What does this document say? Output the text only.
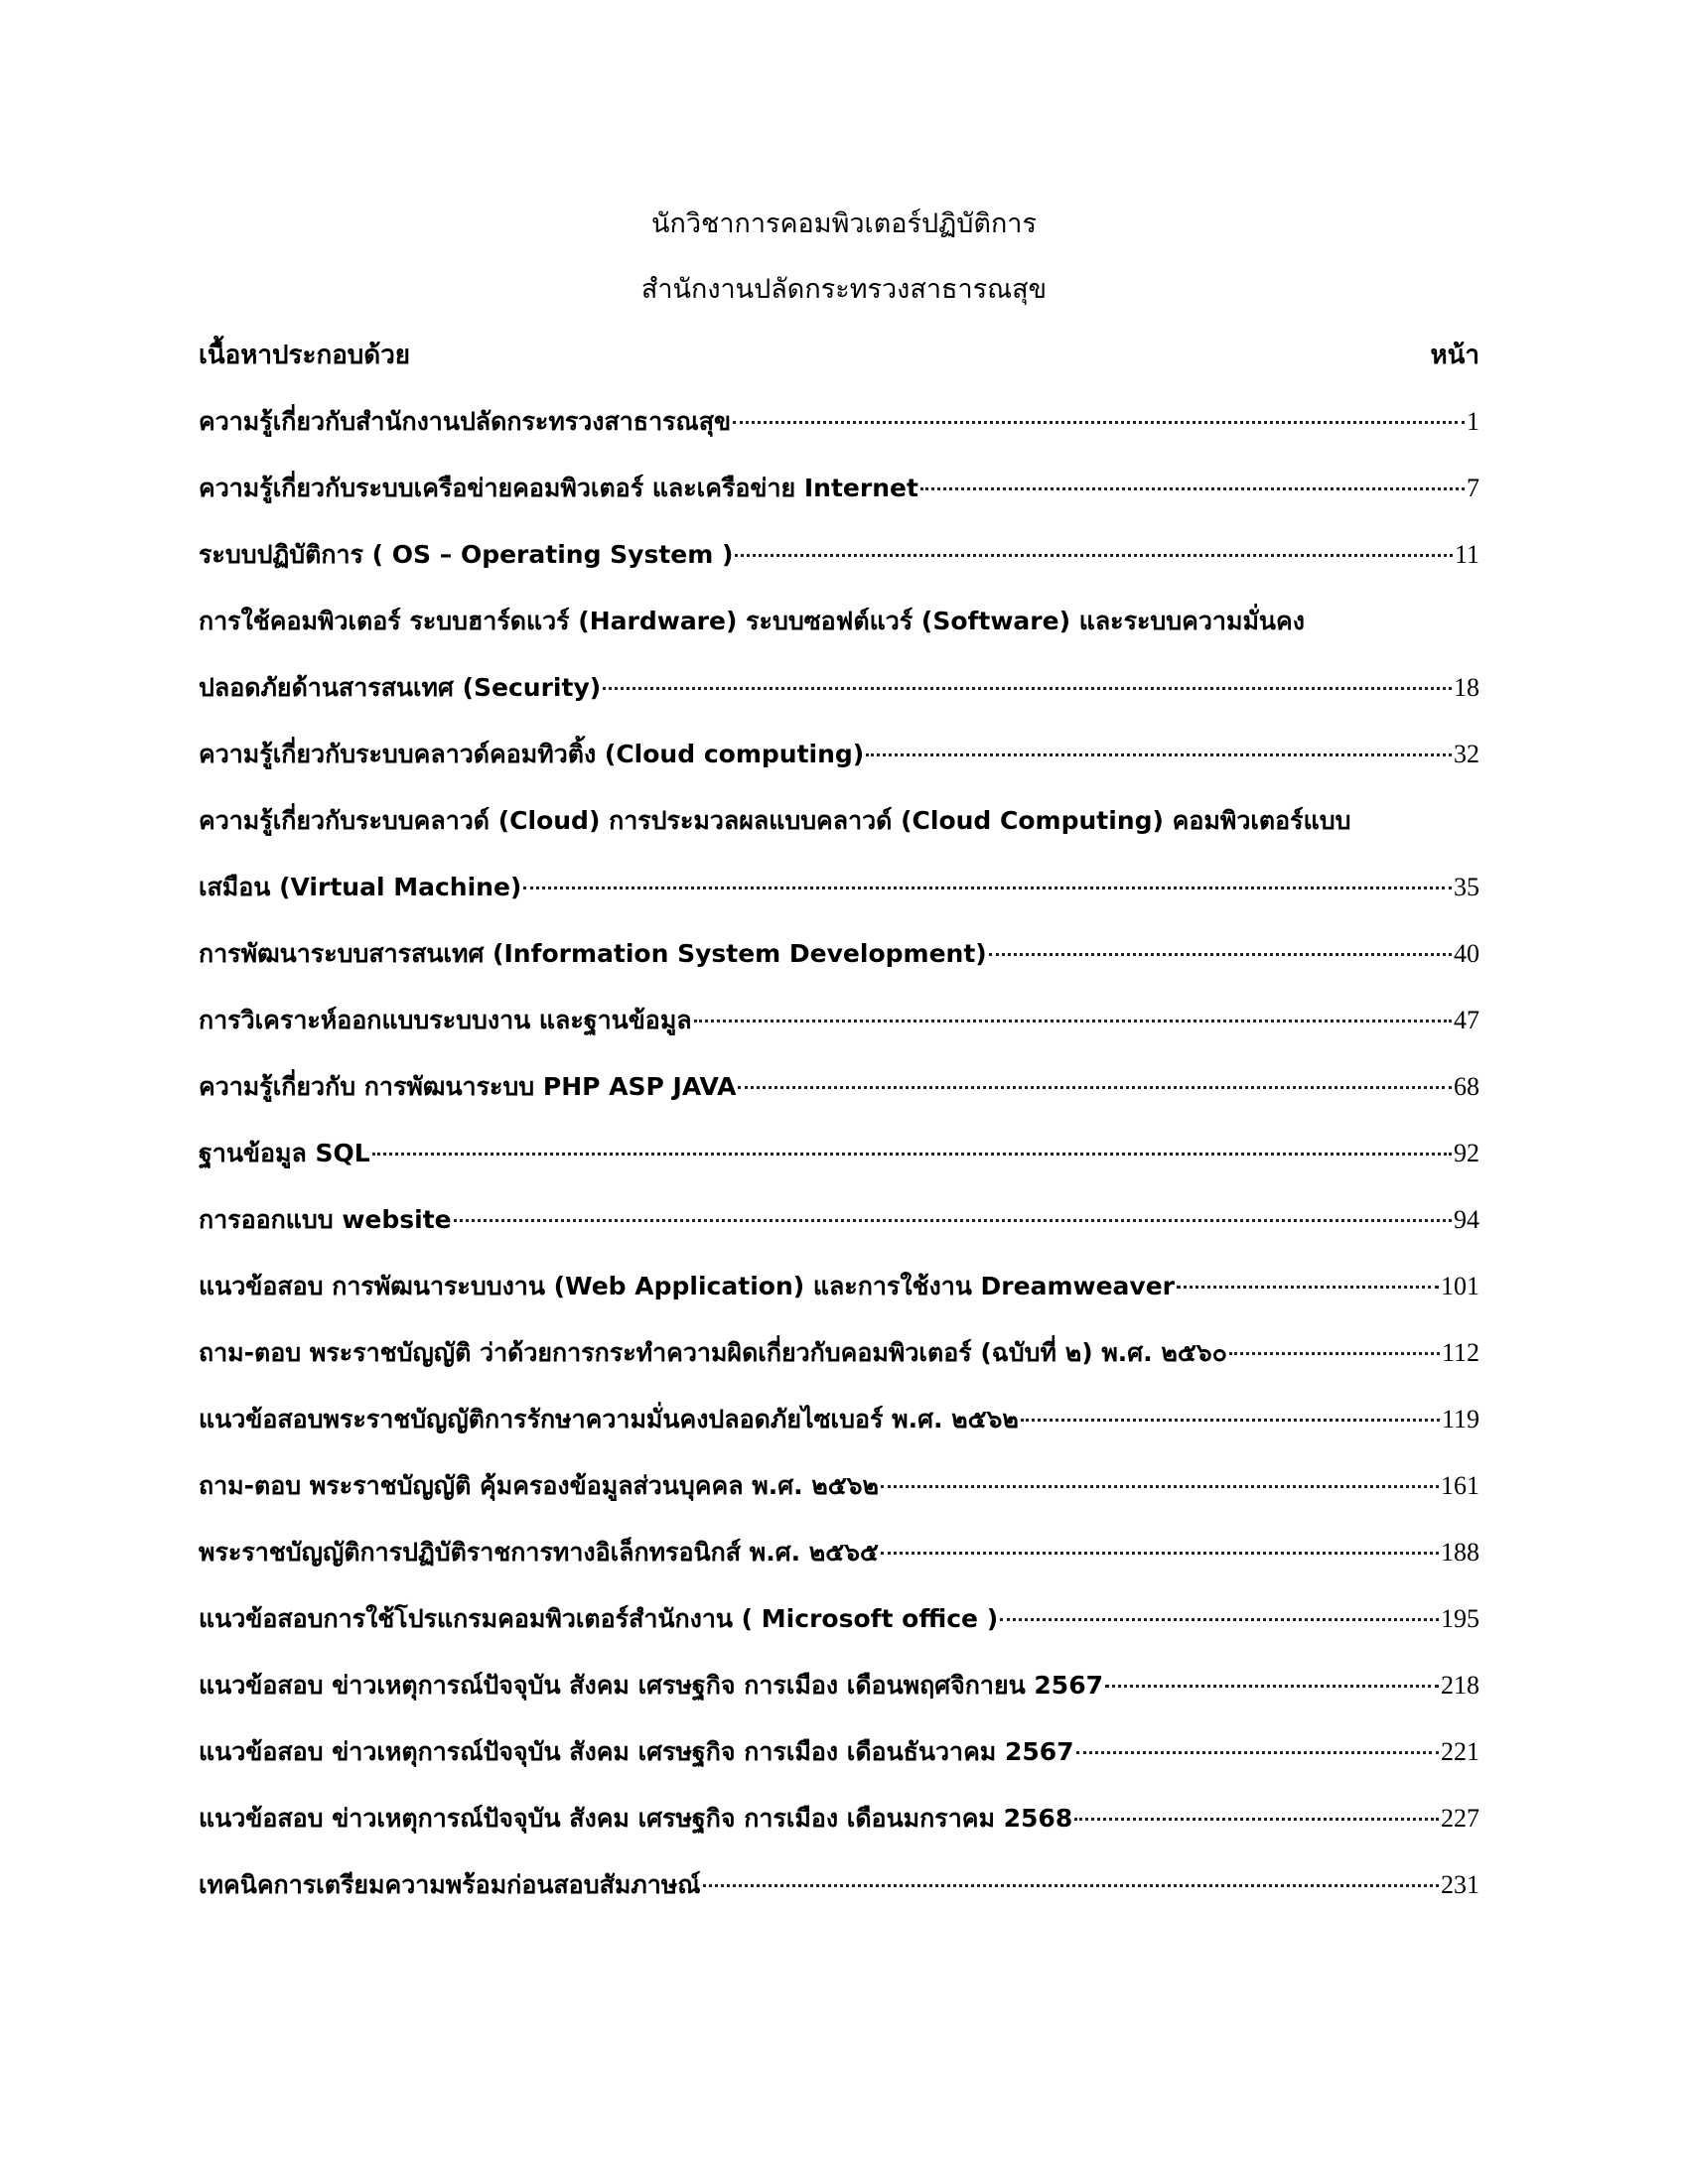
นักวิชาการคอมพิวเตอร์ปฏิบัติการ
สำนักงานปลัดกระทรวงสาธารณสุข
เนื้อหาประกอบด้วย	หน้า
ความรู้เกี่ยวกับสำนักงานปลัดกระทรวงสาธารณสุข	1
ความรู้เกี่ยวกับระบบเครือข่ายคอมพิวเตอร์ และเครือข่าย Internet	7
ระบบปฏิบัติการ ( OS – Operating System )	11
การใช้คอมพิวเตอร์ ระบบฮาร์ดแวร์ (Hardware) ระบบซอฟต์แวร์ (Software) และระบบความมั่นคง
ปลอดภัยด้านสารสนเทศ (Security)	18
ความรู้เกี่ยวกับระบบคลาวด์คอมทิวติ้ง (Cloud computing)	32
ความรู้เกี่ยวกับระบบคลาวด์ (Cloud) การประมวลผลแบบคลาวด์ (Cloud Computing) คอมพิวเตอร์แบบ
เสมือน (Virtual Machine)	35
การพัฒนาระบบสารสนเทศ (Information System Development)	40
การวิเคราะห์ออกแบบระบบงาน และฐานข้อมูล	47
ความรู้เกี่ยวกับ การพัฒนาระบบ PHP ASP JAVA	68
ฐานข้อมูล SQL	92
การออกแบบ website	94
แนวข้อสอบ การพัฒนาระบบงาน (Web Application) และการใช้งาน Dreamweaver	101
ถาม-ตอบ พระราชบัญญัติ ว่าด้วยการกระทำความผิดเกี่ยวกับคอมพิวเตอร์ (ฉบับที่ ๒) พ.ศ. ๒๕๖๐	112
แนวข้อสอบพระราชบัญญัติการรักษาความมั่นคงปลอดภัยไซเบอร์ พ.ศ. ๒๕๖๒	119
ถาม-ตอบ พระราชบัญญัติ คุ้มครองข้อมูลส่วนบุคคล พ.ศ. ๒๕๖๒	161
พระราชบัญญัติการปฏิบัติราชการทางอิเล็กทรอนิกส์ พ.ศ. ๒๕๖๕	188
แนวข้อสอบการใช้โปรแกรมคอมพิวเตอร์สำนักงาน ( Microsoft office )	195
แนวข้อสอบ ข่าวเหตุการณ์ปัจจุบัน สังคม เศรษฐกิจ การเมือง เดือนพฤศจิกายน 2567	218
แนวข้อสอบ ข่าวเหตุการณ์ปัจจุบัน สังคม เศรษฐกิจ การเมือง เดือนธันวาคม 2567	221
แนวข้อสอบ ข่าวเหตุการณ์ปัจจุบัน สังคม เศรษฐกิจ การเมือง เดือนมกราคม 2568	227
เทคนิคการเตรียมความพร้อมก่อนสอบสัมภาษณ์	231
